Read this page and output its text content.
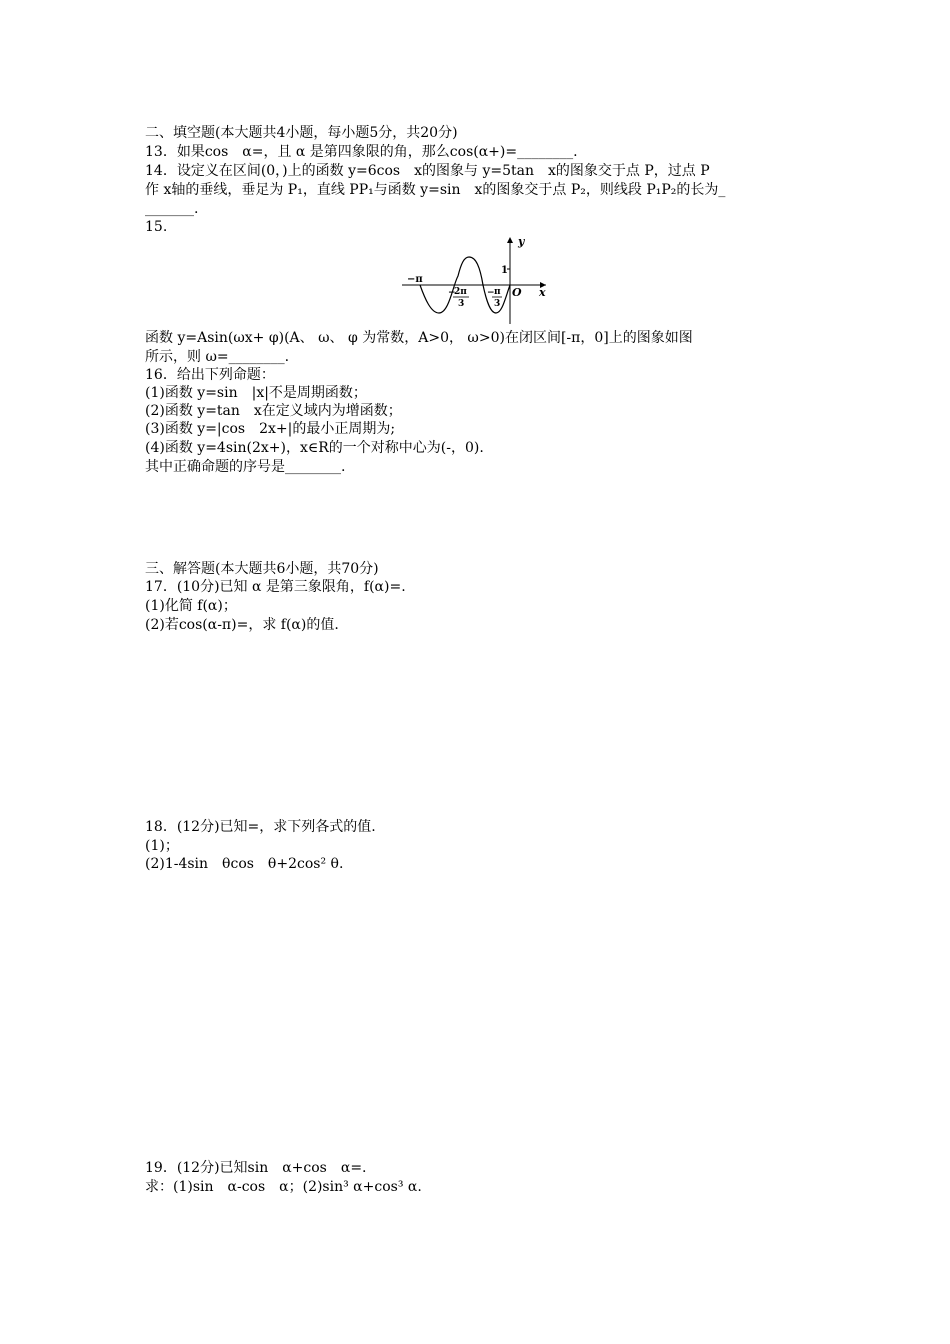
二、填空题(本大题共4小题，每小题5分，共20分)
13．如果cos　α=，且 α 是第四象限的角，那么cos(α+)=________.
14．设定义在区间(0，)上的函数 y=6cos　x的图象与 y=5tan　x的图象交于点 P，过点 P
作 x轴的垂线，垂足为 P₁，直线 PP₁与函数 y=sin　x的图象交于点 P₂，则线段 P₁P₂的长为_
_______.
15.
y
x
O
1
−π
−
2π
3
− π
3
函数 y=Asin(ωx+ φ)(A、 ω、 φ 为常数，A>0， ω>0)在闭区间[-π，0]上的图象如图
所示，则 ω=________.
16．给出下列命题：
(1)函数 y=sin　|x|不是周期函数；
(2)函数 y=tan　x在定义域内为增函数；
(3)函数 y=|cos　2x+|的最小正周期为;
(4)函数 y=4sin(2x+)，x∈R的一个对称中心为(-，0).
其中正确命题的序号是________.
三、解答题(本大题共6小题，共70分)
17．(10分)已知 α 是第三象限角，f(α)=.
(1)化简 f(α)；
(2)若cos(α-π)=，求 f(α)的值.
18．(12分)已知=，求下列各式的值.
(1)；
(2)1-4sin　θcos　θ+2cos² θ.
19．(12分)已知sin　α+cos　α=.
求：(1)sin　α-cos　α；(2)sin³ α+cos³ α.
